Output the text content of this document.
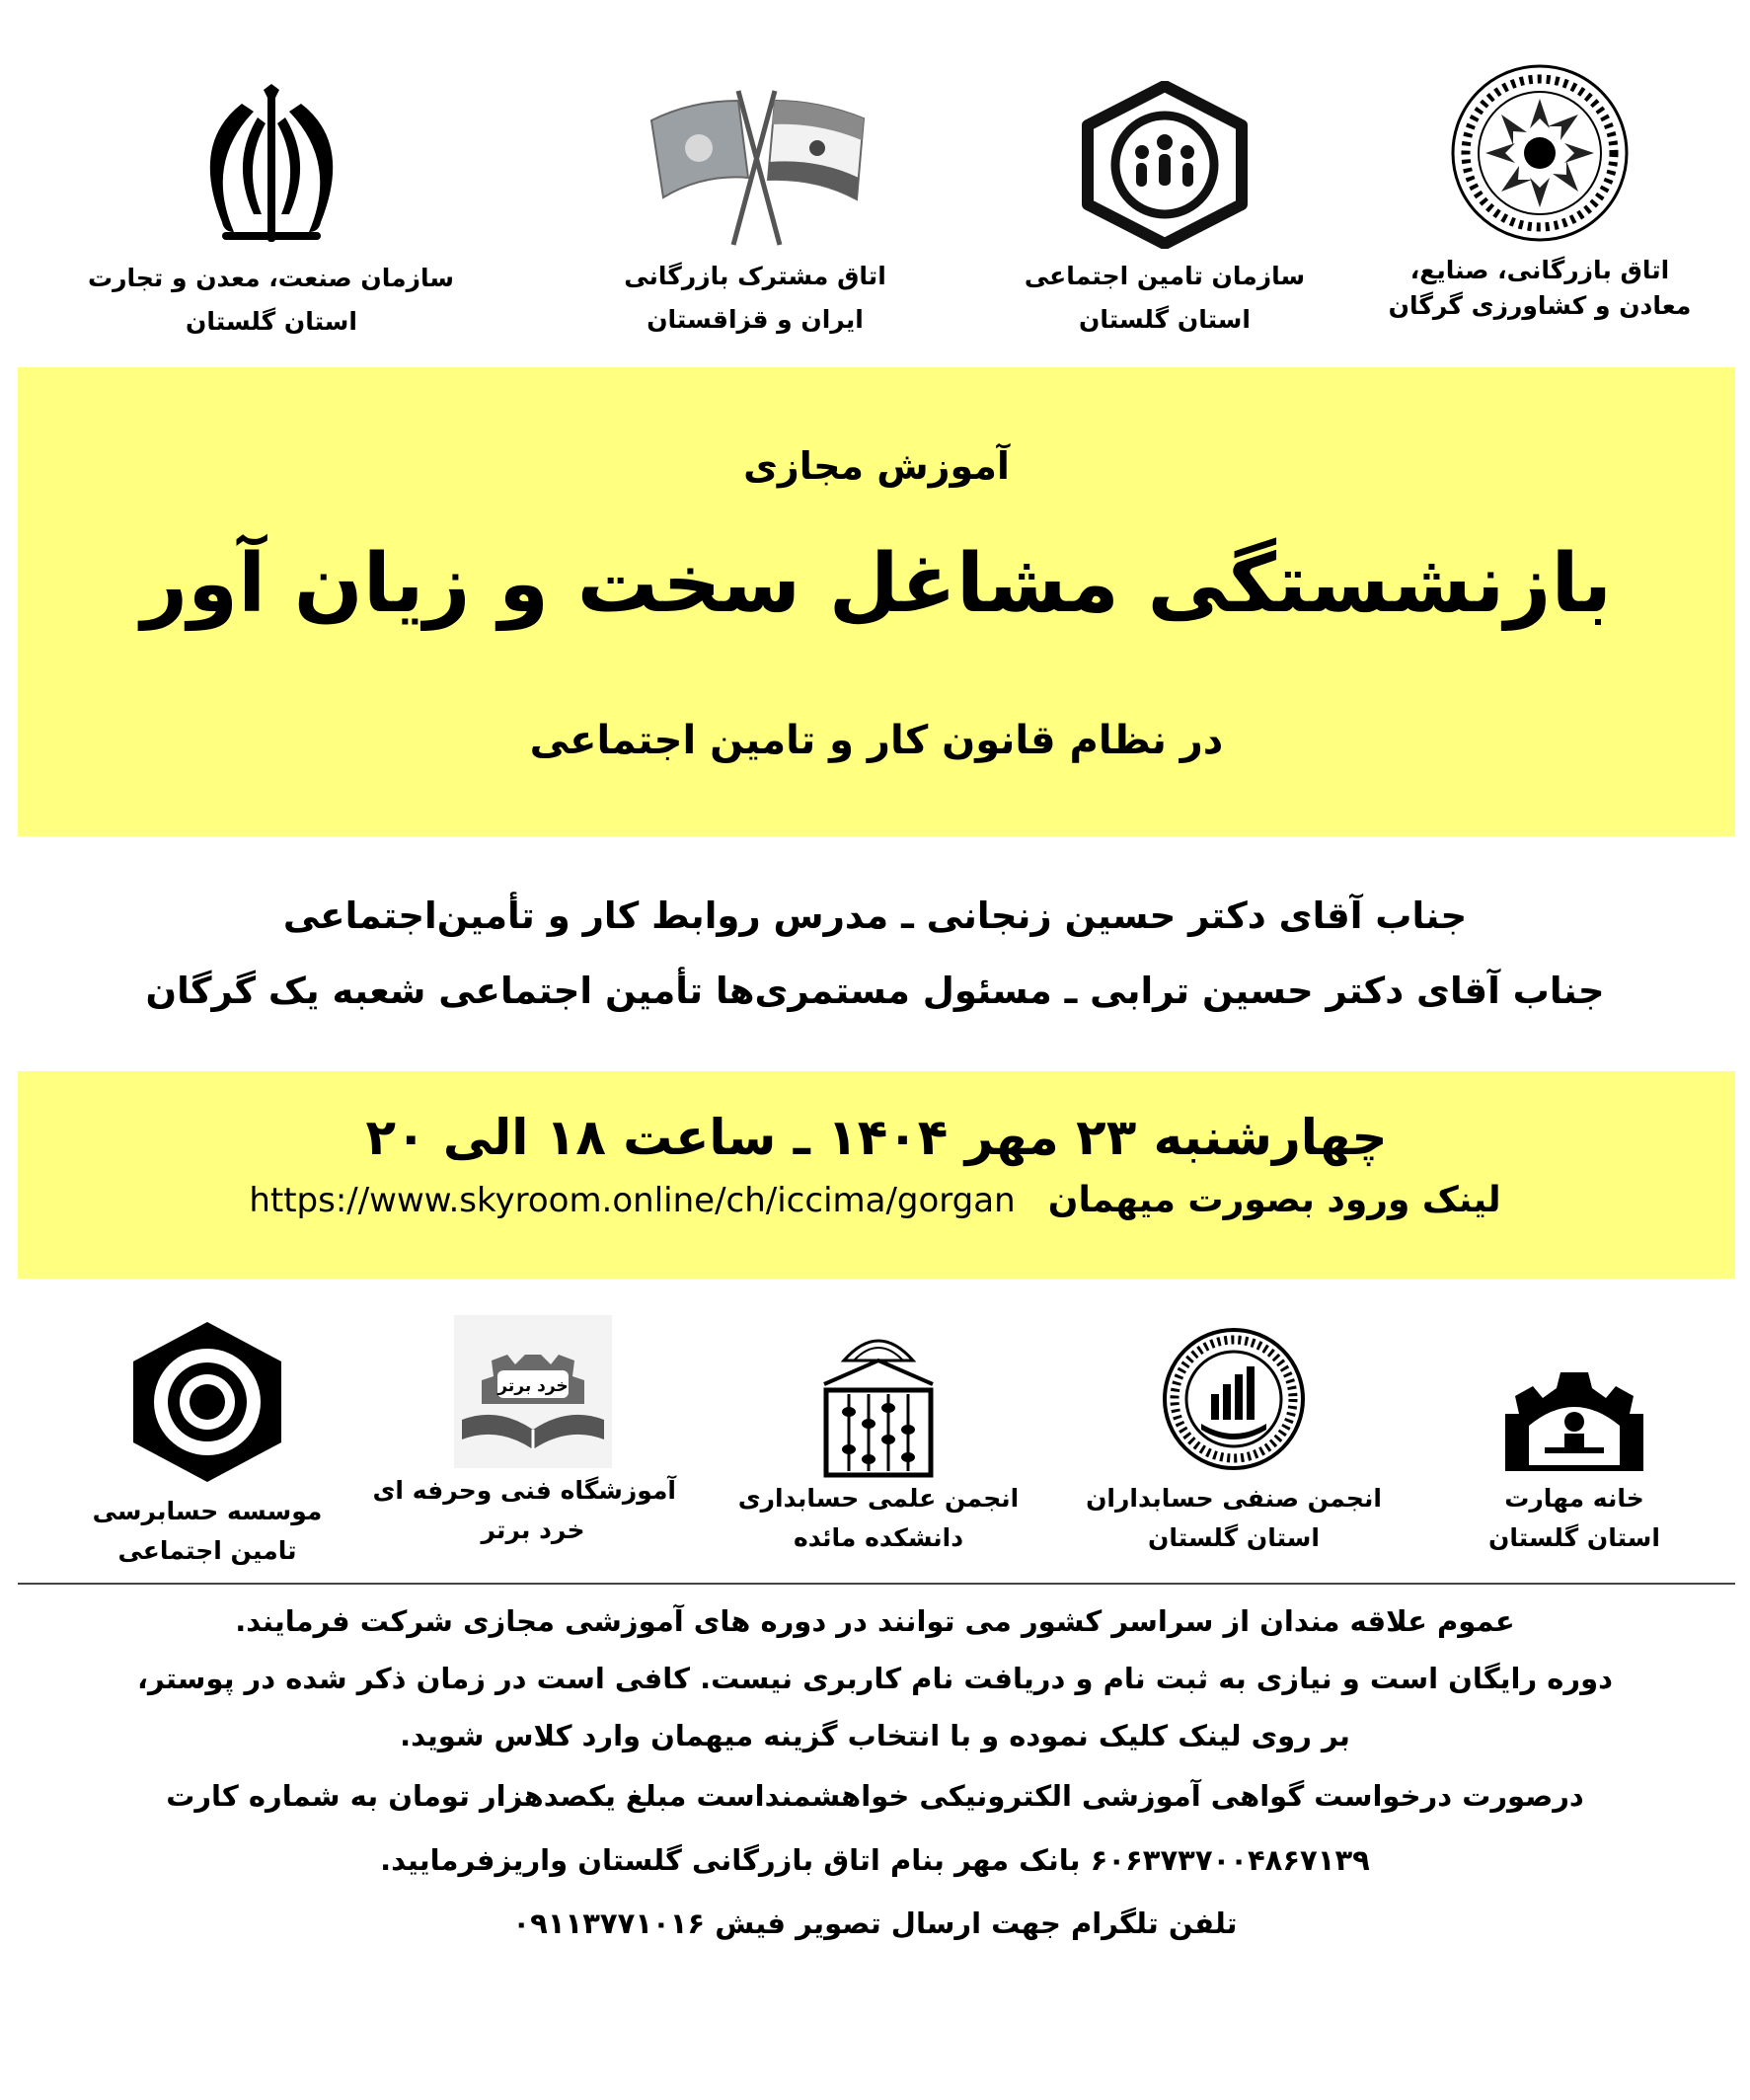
اتاق بازرگانی، صنایع،
معادن و کشاورزی گرگان
سازمان تامین اجتماعی
استان گلستان
اتاق مشترک بازرگانی
ایران و قزاقستان
سازمان صنعت، معدن و تجارت
استان گلستان
آموزش مجازی
بازنشستگی مشاغل سخت و زیان آور
در نظام قانون کار و تامین اجتماعی
جناب آقای دکتر حسین زنجانی ـ مدرس روابط کار و تأمین‌اجتماعی
جناب آقای دکتر حسین ترابی ـ مسئول مستمری‌ها تأمین اجتماعی شعبه یک گرگان
چهارشنبه ۲۳ مهر ۱۴۰۴ ـ ساعت ۱۸ الی ۲۰
https://www.skyroom.online/ch/iccima/gorgan لینک ورود بصورت میهمان
خانه مهارت
استان گلستان
انجمن صنفی حسابداران
استان گلستان
انجمن علمی حسابداری
دانشکده مائده
خرد برتر
آموزشگاه فنی وحرفه ای
خرد برتر
موسسه حسابرسی
تامین اجتماعی
عموم علاقه مندان از سراسر کشور می توانند در دوره های آموزشی مجازی شرکت فرمایند.
دوره رایگان است و نیازی به ثبت نام و دریافت نام کاربری نیست. کافی است در زمان ذکر شده در پوستر،
بر روی لینک کلیک نموده و با انتخاب گزینه میهمان وارد کلاس شوید.
درصورت درخواست گواهی آموزشی الکترونیکی خواهشمنداست مبلغ یکصدهزار تومان به شماره کارت
۶۰۶۳۷۳۷۰۰۴۸۶۷۱۳۹ بانک مهر بنام اتاق بازرگانی گلستان واریزفرمایید.
تلفن تلگرام جهت ارسال تصویر فیش ۰۹۱۱۳۷۷۱۰۱۶
